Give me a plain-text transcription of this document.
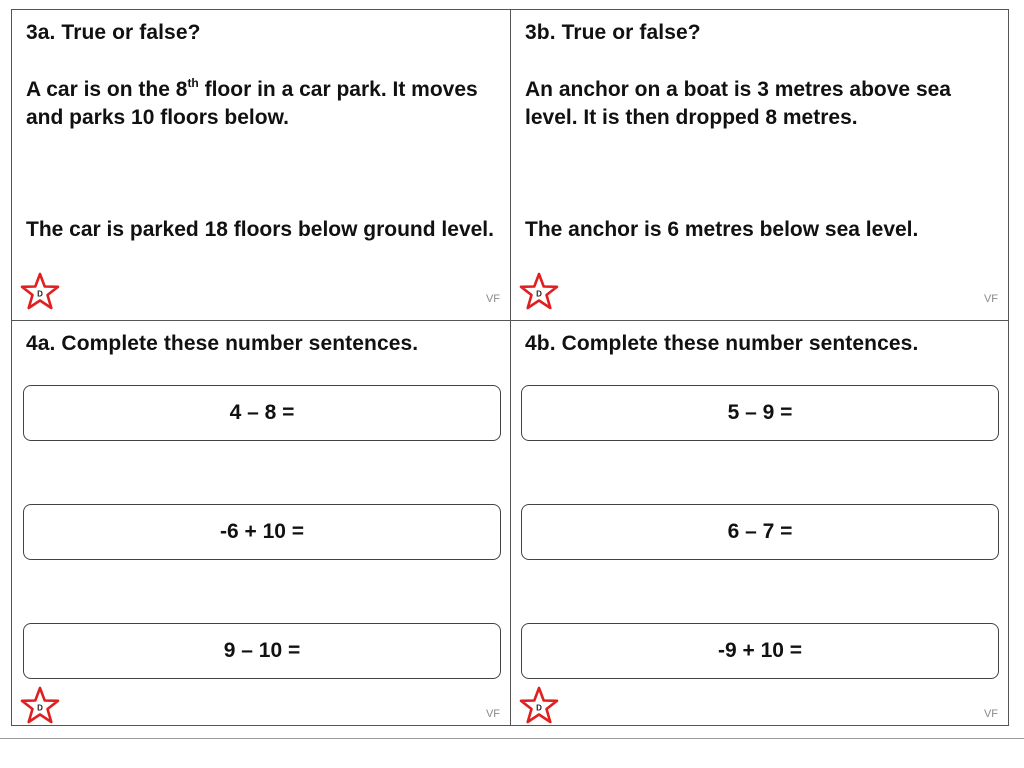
3a. True or false?
A car is on the 8th floor in a car park. It moves and parks 10 floors below.
The car is parked 18 floors below ground level.
D	VF
3b. True or false?
An anchor on a boat is 3 metres above sea level. It is then dropped 8 metres.
The anchor is 6 metres below sea level.
D	VF
4a. Complete these number sentences.
4 – 8 =
-6 + 10 =
9 – 10 =
D	VF
4b. Complete these number sentences.
5 – 9 =
6 – 7 =
-9 + 10 =
D	VF
